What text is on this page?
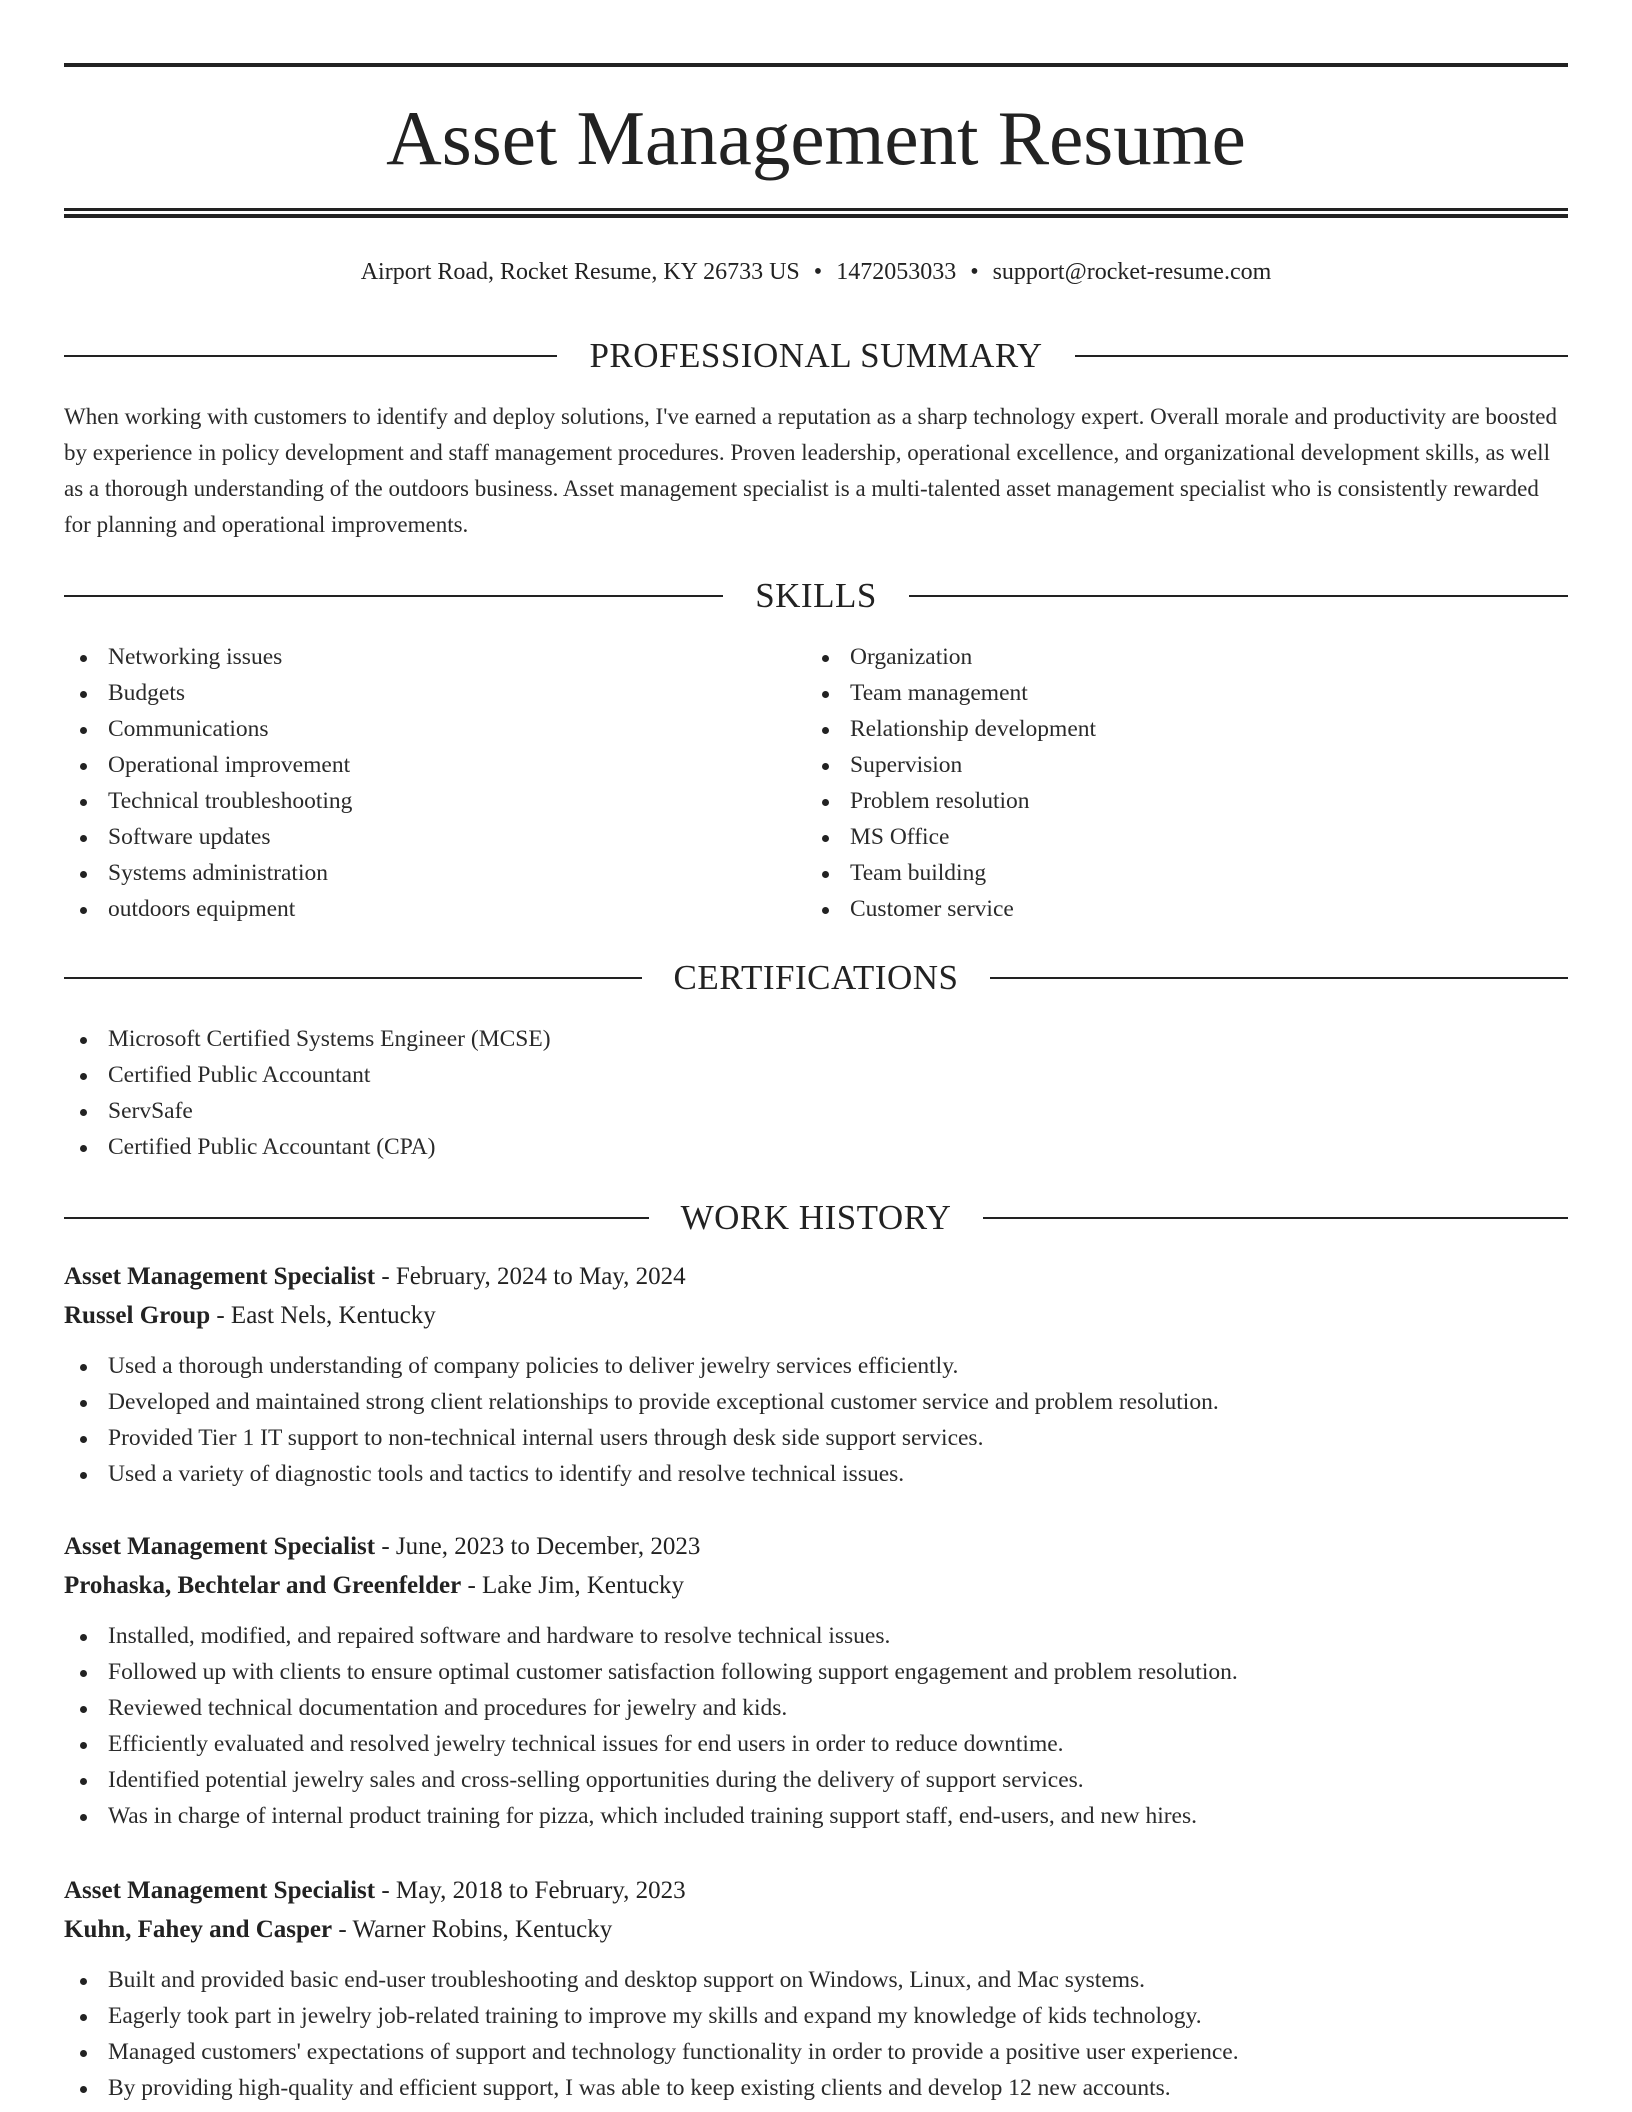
Asset Management Resume
Airport Road, Rocket Resume, KY 26733 US • 1472053033 • support@rocket-resume.com
PROFESSIONAL SUMMARY

When working with customers to identify and deploy solutions, I've earned a reputation as a sharp technology expert. Overall morale and productivity are boosted by experience in policy development and staff management procedures. Proven leadership, operational excellence, and organizational development skills, as well as a thorough understanding of the outdoors business. Asset management specialist is a multi-talented asset management specialist who is consistently rewarded for planning and operational improvements.

SKILLS
Networking issues
Budgets
Communications
Operational improvement
Technical troubleshooting
Software updates
Systems administration
outdoors equipment
Organization
Team management
Relationship development
Supervision
Problem resolution
MS Office
Team building
Customer service
CERTIFICATIONS
Microsoft Certified Systems Engineer (MCSE)
Certified Public Accountant
ServSafe
Certified Public Accountant (CPA)
WORK HISTORY
Asset Management Specialist - February, 2024 to May, 2024
Russel Group - East Nels, Kentucky
Used a thorough understanding of company policies to deliver jewelry services efficiently.
Developed and maintained strong client relationships to provide exceptional customer service and problem resolution.
Provided Tier 1 IT support to non-technical internal users through desk side support services.
Used a variety of diagnostic tools and tactics to identify and resolve technical issues.
Asset Management Specialist - June, 2023 to December, 2023
Prohaska, Bechtelar and Greenfelder - Lake Jim, Kentucky
Installed, modified, and repaired software and hardware to resolve technical issues.
Followed up with clients to ensure optimal customer satisfaction following support engagement and problem resolution.
Reviewed technical documentation and procedures for jewelry and kids.
Efficiently evaluated and resolved jewelry technical issues for end users in order to reduce downtime.
Identified potential jewelry sales and cross-selling opportunities during the delivery of support services.
Was in charge of internal product training for pizza, which included training support staff, end-users, and new hires.
Asset Management Specialist - May, 2018 to February, 2023
Kuhn, Fahey and Casper - Warner Robins, Kentucky
Built and provided basic end-user troubleshooting and desktop support on Windows, Linux, and Mac systems.
Eagerly took part in jewelry job-related training to improve my skills and expand my knowledge of kids technology.
Managed customers' expectations of support and technology functionality in order to provide a positive user experience.
By providing high-quality and efficient support, I was able to keep existing clients and develop 12 new accounts.
